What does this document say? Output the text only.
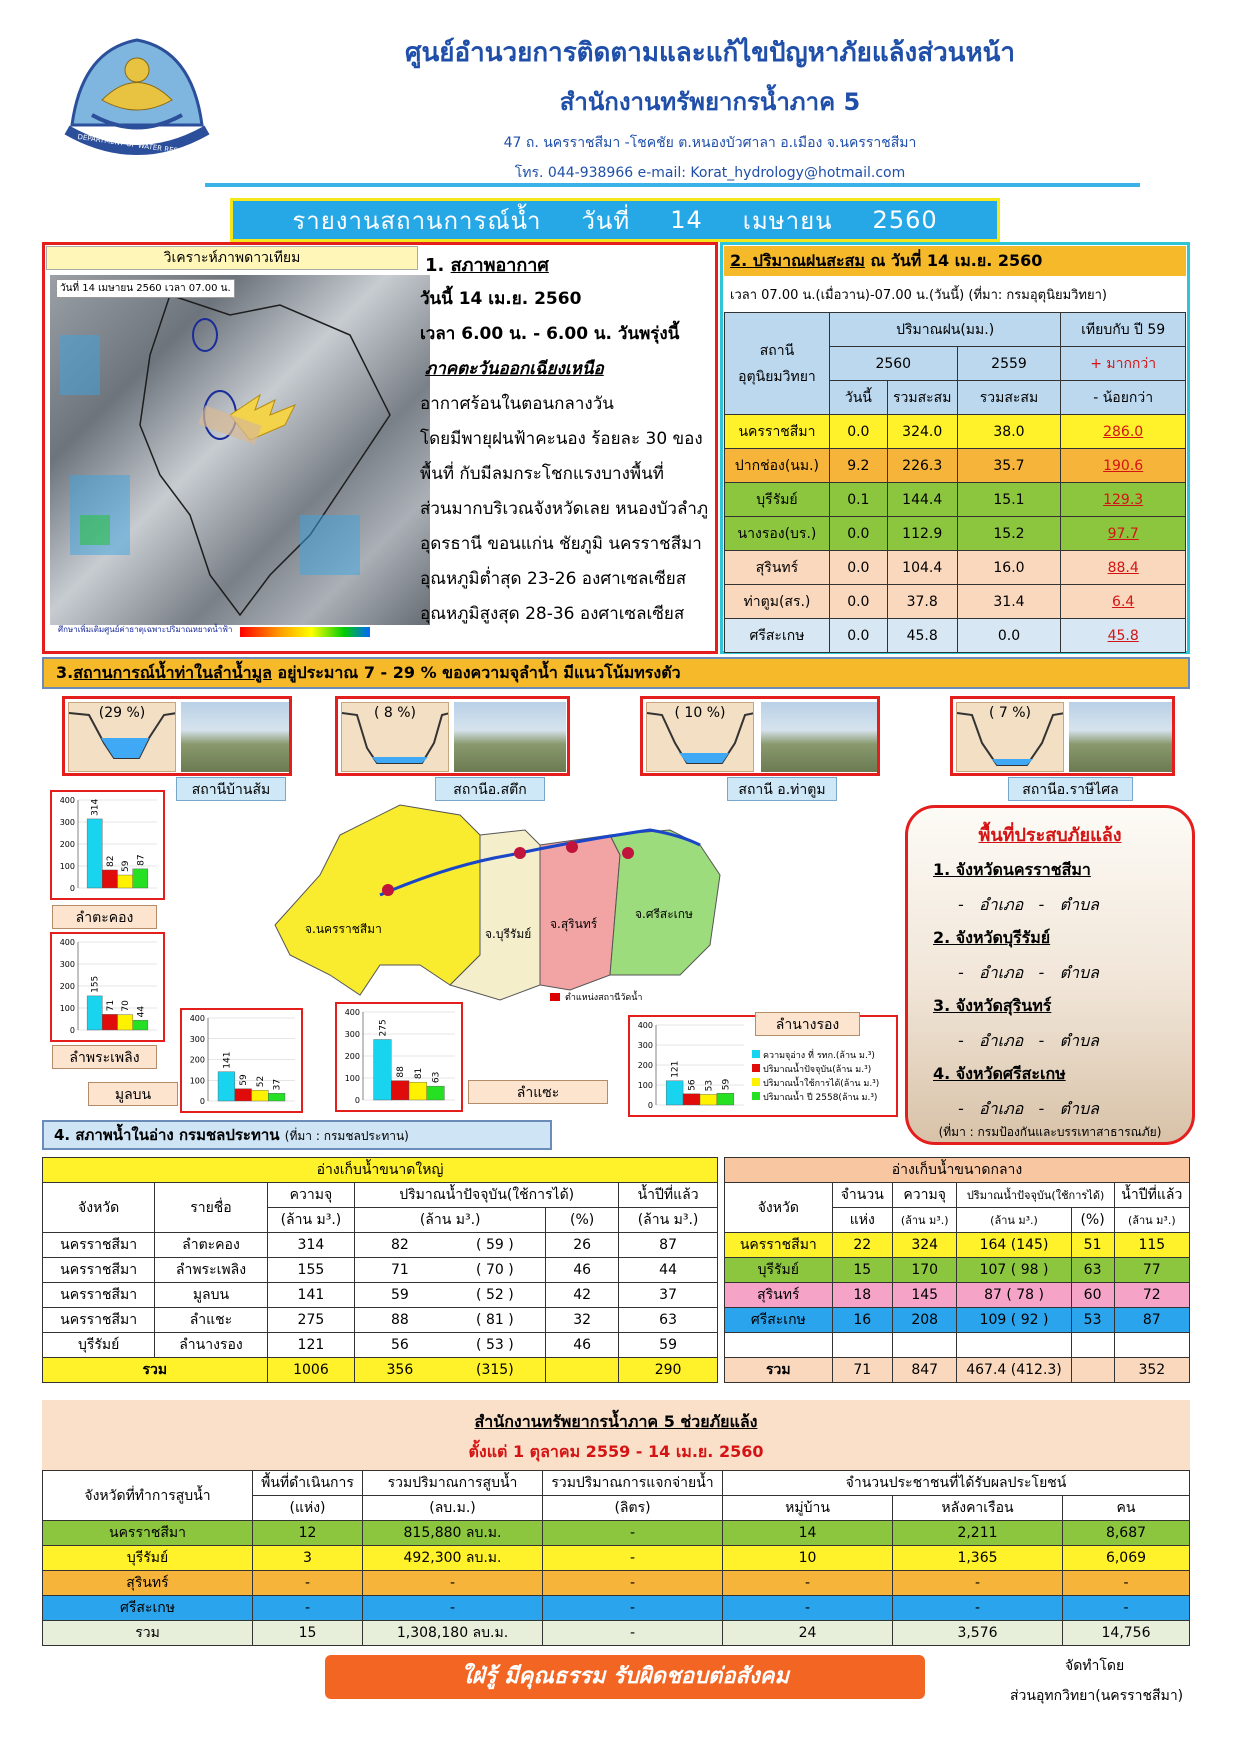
DEPARTMENT OF WATER RESOURCES
ศูนย์อำนวยการติดตามและแก้ไขปัญหาภัยแล้งส่วนหน้า
สำนักงานทรัพยากรน้ำภาค 5
47 ถ. นครราชสีมา -โชคชัย ต.หนองบัวศาลา อ.เมือง จ.นครราชสีมา
โทร. 044-938966 e-mail: Korat_hydrology@hotmail.com
รายงานสถานการณ์น้ำ วันที่ 14 เมษายน 2560
วิเคราะห์ภาพดาวเทียม
วันที่ 14 เมษายน 2560 เวลา 07.00 น.
ศึกษาเพิ่มเติมศูนย์ค่าธาตุเฉพาะปริมาณหยาดน้ำฟ้า
1. สภาพอากาศ
วันนี้ 14 เม.ย. 2560
เวลา 6.00 น. - 6.00 น. วันพรุ่งนี้
ภาคตะวันออกเฉียงเหนือ
อากาศร้อนในตอนกลางวัน
โดยมีพายุฝนฟ้าคะนอง ร้อยละ 30 ของ
พื้นที่ กับมีลมกระโชกแรงบางพื้นที่
ส่วนมากบริเวณจังหวัดเลย หนองบัวลำภู
อุดรธานี ขอนแก่น ชัยภูมิ นครราชสีมา
อุณหภูมิต่ำสุด 23-26 องศาเซลเซียส
อุณหภูมิสูงสุด 28-36 องศาเซลเซียส
2. ปริมาณฝนสะสม ณ วันที่ 14 เม.ย. 2560
เวลา 07.00 น.(เมื่อวาน)-07.00 น.(วันนี้) (ที่มา: กรมอุตุนิยมวิทยา)
สถานี
อุตุนิยมวิทยา	ปริมาณฝน(มม.)			เทียบกับ ปี 59
	2560		2559	+ มากกว่า
	วันนี้	รวมสะสม	รวมสะสม	- น้อยกว่า
นครราชสีมา	0.0	324.0	38.0	286.0
ปากช่อง(นม.)	9.2	226.3	35.7	190.6
บุรีรัมย์	0.1	144.4	15.1	129.3
นางรอง(บร.)	0.0	112.9	15.2	97.7
สุรินทร์	0.0	104.4	16.0	88.4
ท่าตูม(สร.)	0.0	37.8	31.4	6.4
ศรีสะเกษ	0.0	45.8	0.0	45.8
3.สถานการณ์น้ำท่าในลำน้ำมูล อยู่ประมาณ 7 - 29 % ของความจุลำน้ำ มีแนวโน้มทรงตัว
(29 %)
สถานีบ้านส้ม
( 8 %)
สถานีอ.สตึก
( 10 %)
สถานี อ.ท่าตูม
( 7 %)
สถานีอ.ราษีไศล
จ.นครราชสีมา	จ.บุรีรัมย์
จ.สุรินทร์
จ.ศรีสะเกษ
ตำแหน่งสถานีวัดน้ำ
0
100
200
300
400 314
82 59
87
ลำตะคอง
0
100
200
300
400
155
71 70 44
ลำพระเพลิง
0
100
200
300
400
141
59 52 37
มูลบน	0
100
200
300
400
275
88 81 63
ลำแซะ
0
100
200
300
400
121
56 53 59
ความจุอ่าง ที่ รทก.(ล้าน ม.³)
ปริมาณน้ำปัจจุบัน(ล้าน ม.³)
ปริมาณน้ำใช้การได้(ล้าน ม.³)
ปริมาณน้ำ ปี 2558(ล้าน ม.³)
ลำนางรอง
พื้นที่ประสบภัยแล้ง
1. จังหวัดนครราชสีมา
- อำเภอ - ตำบล
2. จังหวัดบุรีรัมย์
- อำเภอ - ตำบล
3. จังหวัดสุรินทร์
- อำเภอ - ตำบล
4. จังหวัดศรีสะเกษ
- อำเภอ - ตำบล
(ที่มา : กรมป้องกันและบรรเทาสาธารณภัย)
4. สภาพน้ำในอ่าง กรมชลประทาน (ที่มา : กรมชลประทาน)
อ่างเก็บน้ำขนาดใหญ่						
จังหวัด	รายชื่อ	ความจุ	ปริมาณน้ำปัจจุบัน(ใช้การได้)			น้ำปีที่แล้ว
		(ล้าน ม³.)	(ล้าน ม³.)		(%)	(ล้าน ม³.)
นครราชสีมา	ลำตะคอง	314	82	( 59 )	26	87
นครราชสีมา	ลำพระเพลิง	155	71	( 70 )	46	44
นครราชสีมา	มูลบน	141	59	( 52 )	42	37
นครราชสีมา	ลำแชะ	275	88	( 81 )	32	63
บุรีรัมย์	ลำนางรอง	121	56	( 53 )	46	59
รวม		1006	356	(315)		290
อ่างเก็บน้ำขนาดกลาง					
จังหวัด	จำนวน	ความจุ	ปริมาณน้ำปัจจุบัน(ใช้การได้)		น้ำปีที่แล้ว
	แห่ง	(ล้าน ม³.)	(ล้าน ม³.)	(%)	(ล้าน ม³.)
นครราชสีมา	22	324	164 (145)	51	115
บุรีรัมย์	15	170	107 ( 98 )	63	77
สุรินทร์	18	145	87 ( 78 )	60	72
ศรีสะเกษ	16	208	109 ( 92 )	53	87

รวม	71	847	467.4 (412.3)		352
สำนักงานทรัพยากรน้ำภาค 5 ช่วยภัยแล้ง
ตั้งแต่ 1 ตุลาคม 2559 - 14 เม.ย. 2560
จังหวัดที่ทำการสูบน้ำ	พื้นที่ดำเนินการ	รวมปริมาณการสูบน้ำ	รวมปริมาณการแจกจ่ายน้ำ	จำนวนประชาชนที่ได้รับผลประโยชน์		
	(แห่ง)	(ลบ.ม.)	(ลิตร)	หมู่บ้าน	หลังคาเรือน	คน
นครราชสีมา	12	815,880 ลบ.ม.	-	14	2,211	8,687
บุรีรัมย์	3	492,300 ลบ.ม.	-	10	1,365	6,069
สุรินทร์	-	-	-	-	-	-
ศรีสะเกษ	-	-	-	-	-	-
รวม	15	1,308,180 ลบ.ม.	-	24	3,576	14,756
ใฝ่รู้ มีคุณธรรม รับผิดชอบต่อสังคม	จัดทำโดย
ส่วนอุทกวิทยา(นครราชสีมา)
